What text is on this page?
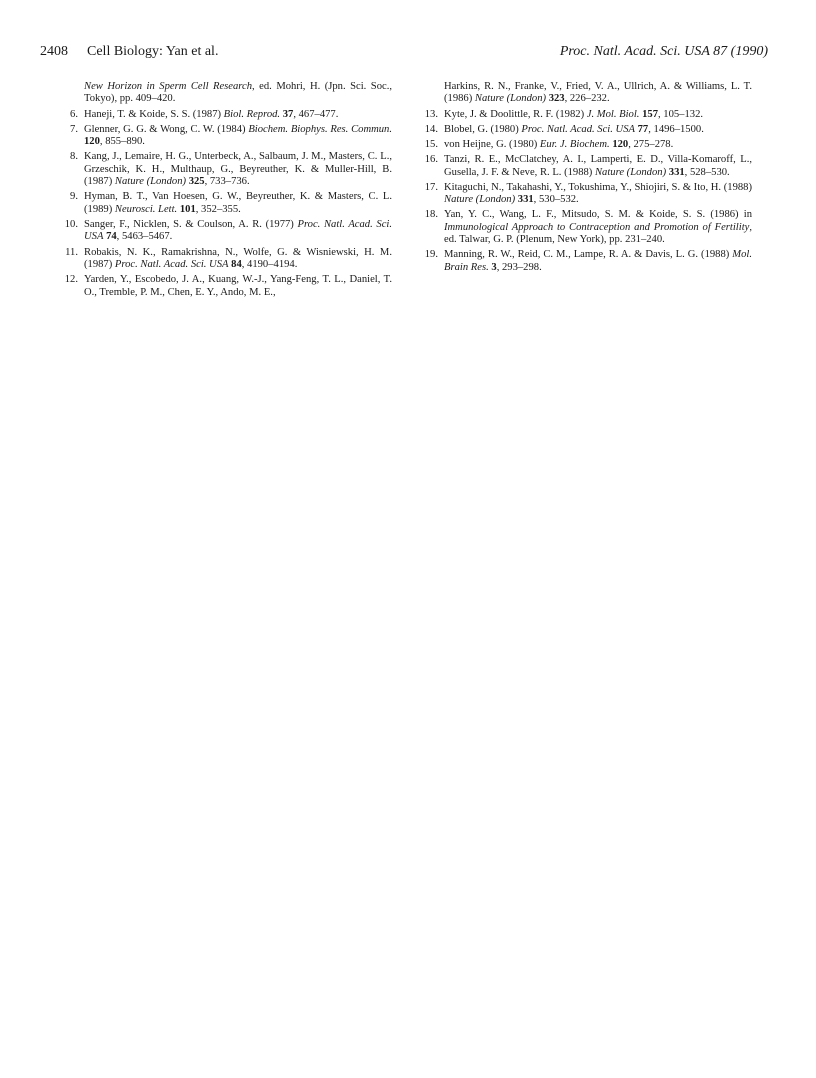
2408 Cell Biology: Yan et al.	Proc. Natl. Acad. Sci. USA 87 (1990)
New Horizon in Sperm Cell Research, ed. Mohri, H. (Jpn. Sci. Soc., Tokyo), pp. 409–420.
6. Haneji, T. & Koide, S. S. (1987) Biol. Reprod. 37, 467–477.
7. Glenner, G. G. & Wong, C. W. (1984) Biochem. Biophys. Res. Commun. 120, 855–890.
8. Kang, J., Lemaire, H. G., Unterbeck, A., Salbaum, J. M., Masters, C. L., Grzeschik, K. H., Multhaup, G., Beyreuther, K. & Muller-Hill, B. (1987) Nature (London) 325, 733–736.
9. Hyman, B. T., Van Hoesen, G. W., Beyreuther, K. & Masters, C. L. (1989) Neurosci. Lett. 101, 352–355.
10. Sanger, F., Nicklen, S. & Coulson, A. R. (1977) Proc. Natl. Acad. Sci. USA 74, 5463–5467.
11. Robakis, N. K., Ramakrishna, N., Wolfe, G. & Wisniewski, H. M. (1987) Proc. Natl. Acad. Sci. USA 84, 4190–4194.
12. Yarden, Y., Escobedo, J. A., Kuang, W.-J., Yang-Feng, T. L., Daniel, T. O., Tremble, P. M., Chen, E. Y., Ando, M. E.,
Harkins, R. N., Franke, V., Fried, V. A., Ullrich, A. & Williams, L. T. (1986) Nature (London) 323, 226–232.
13. Kyte, J. & Doolittle, R. F. (1982) J. Mol. Biol. 157, 105–132.
14. Blobel, G. (1980) Proc. Natl. Acad. Sci. USA 77, 1496–1500.
15. von Heijne, G. (1980) Eur. J. Biochem. 120, 275–278.
16. Tanzi, R. E., McClatchey, A. I., Lamperti, E. D., Villa-Komaroff, L., Gusella, J. F. & Neve, R. L. (1988) Nature (London) 331, 528–530.
17. Kitaguchi, N., Takahashi, Y., Tokushima, Y., Shiojiri, S. & Ito, H. (1988) Nature (London) 331, 530–532.
18. Yan, Y. C., Wang, L. F., Mitsudo, S. M. & Koide, S. S. (1986) in Immunological Approach to Contraception and Promotion of Fertility, ed. Talwar, G. P. (Plenum, New York), pp. 231–240.
19. Manning, R. W., Reid, C. M., Lampe, R. A. & Davis, L. G. (1988) Mol. Brain Res. 3, 293–298.
